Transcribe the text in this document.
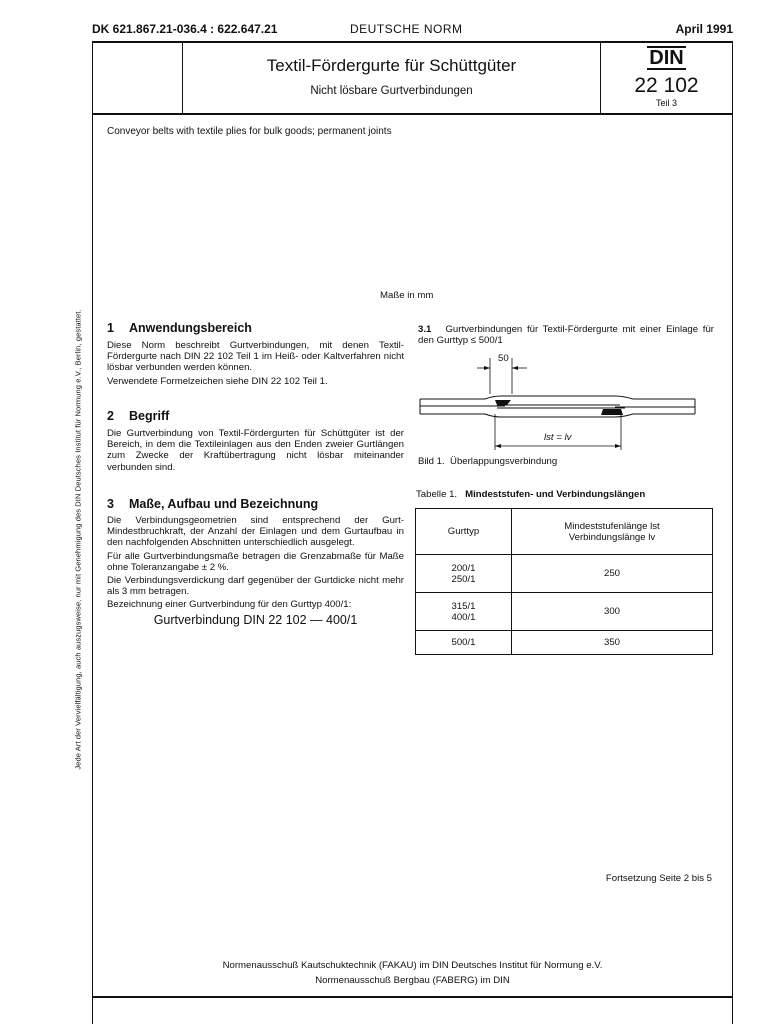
DK 621.867.21-036.4 : 622.647.21	DEUTSCHE NORM	April 1991
Textil-Fördergurte für Schüttgüter
Nicht lösbare Gurtverbindungen
DIN
22 102
Teil 3
Conveyor belts with textile plies for bulk goods; permanent joints
Jede Art der Vervielfältigung, auch auszugsweise, nur mit Genehmigung des DIN Deutsches Institut für Normung e.V., Berlin, gestattet.
Maße in mm
1 Anwendungsbereich

Diese Norm beschreibt Gurtverbindungen, mit denen Textil-Fördergurte nach DIN 22 102 Teil 1 im Heiß- oder Kaltverfahren nicht lösbar verbunden werden können.

Verwendete Formelzeichen siehe DIN 22 102 Teil 1.

2 Begriff

Die Gurtverbindung von Textil-Fördergurten für Schüttgüter ist der Bereich, in dem die Textileinlagen aus den Enden zweier Gurtlängen zum Zwecke der Kraftübertragung nicht lösbar miteinander verbunden sind.

3 Maße, Aufbau und Bezeichnung

Die Verbindungsgeometrien sind entsprechend der Gurt-Mindestbruchkraft, der Anzahl der Einlagen und dem Gurtaufbau in den nachfolgenden Abschnitten unterschiedlich ausgelegt.

Für alle Gurtverbindungsmaße betragen die Grenzabmaße für Maße ohne Toleranzangabe ± 2 %.

Die Verbindungsverdickung darf gegenüber der Gurtdicke nicht mehr als 3 mm betragen.

Bezeichnung einer Gurtverbindung für den Gurttyp 400/1:

Gurtverbindung DIN 22 102 — 400/1

3.1 Gurtverbindungen für Textil-Fördergurte mit einer Einlage für den Gurttyp ≤ 500/1

50
lst = lv
Bild 1. Überlappungsverbindung
Tabelle 1. Mindeststufen- und Verbindungslängen
Gurttyp	Mindeststufenlänge lst
Verbindungslänge lv

200/1
250/1	250

315/1
400/1	300
500/1	350
Fortsetzung Seite 2 bis 5
Normenausschuß Kautschuktechnik (FAKAU) im DIN Deutsches Institut für Normung e.V.
Normenausschuß Bergbau (FABERG) im DIN
